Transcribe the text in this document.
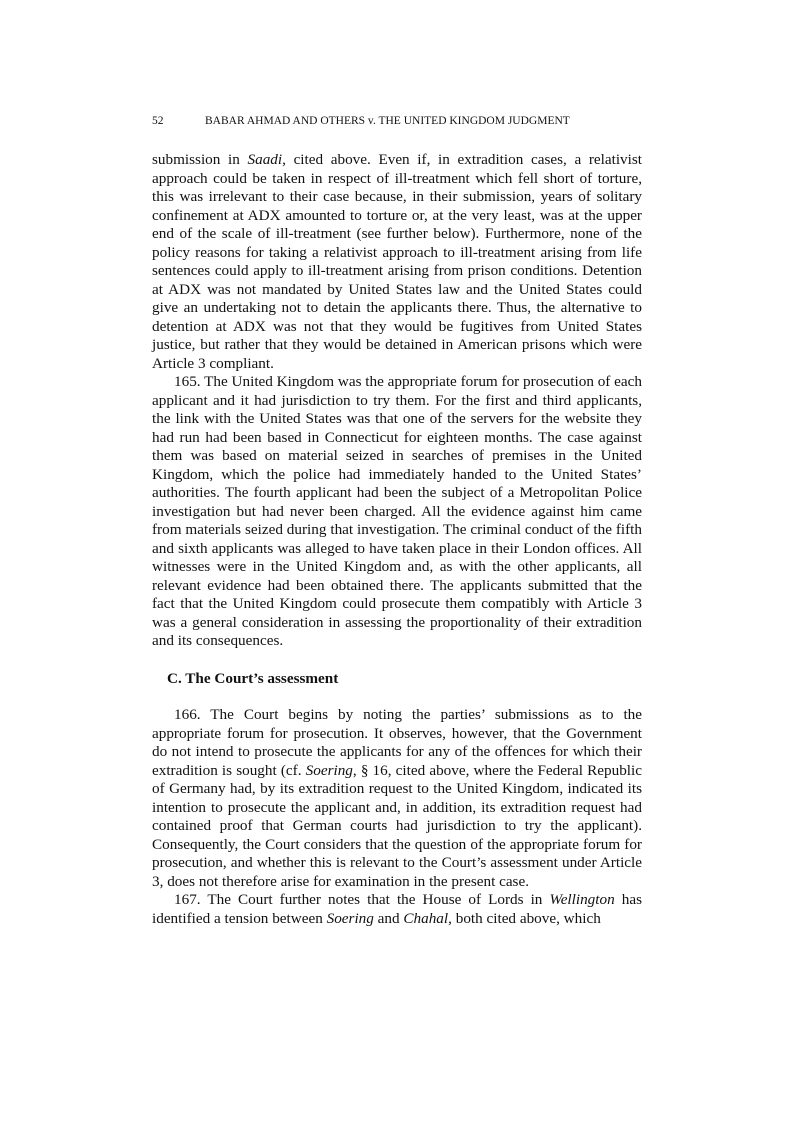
52	BABAR AHMAD AND OTHERS v. THE UNITED KINGDOM JUDGMENT

submission in Saadi, cited above. Even if, in extradition cases, a relativist approach could be taken in respect of ill-treatment which fell short of torture, this was irrelevant to their case because, in their submission, years of solitary confinement at ADX amounted to torture or, at the very least, was at the upper end of the scale of ill-treatment (see further below). Furthermore, none of the policy reasons for taking a relativist approach to ill-treatment arising from life sentences could apply to ill-treatment arising from prison conditions. Detention at ADX was not mandated by United States law and the United States could give an undertaking not to detain the applicants there. Thus, the alternative to detention at ADX was not that they would be fugitives from United States justice, but rather that they would be detained in American prisons which were Article 3 compliant.

165. The United Kingdom was the appropriate forum for prosecution of each applicant and it had jurisdiction to try them. For the first and third applicants, the link with the United States was that one of the servers for the website they had run had been based in Connecticut for eighteen months. The case against them was based on material seized in searches of premises in the United Kingdom, which the police had immediately handed to the United States’ authorities. The fourth applicant had been the subject of a Metropolitan Police investigation but had never been charged. All the evidence against him came from materials seized during that investigation. The criminal conduct of the fifth and sixth applicants was alleged to have taken place in their London offices. All witnesses were in the United Kingdom and, as with the other applicants, all relevant evidence had been obtained there. The applicants submitted that the fact that the United Kingdom could prosecute them compatibly with Article 3 was a general consideration in assessing the proportionality of their extradition and its consequences.

C. The Court’s assessment

166. The Court begins by noting the parties’ submissions as to the appropriate forum for prosecution. It observes, however, that the Government do not intend to prosecute the applicants for any of the offences for which their extradition is sought (cf. Soering, § 16, cited above, where the Federal Republic of Germany had, by its extradition request to the United Kingdom, indicated its intention to prosecute the applicant and, in addition, its extradition request had contained proof that German courts had jurisdiction to try the applicant). Consequently, the Court considers that the question of the appropriate forum for prosecution, and whether this is relevant to the Court’s assessment under Article 3, does not therefore arise for examination in the present case.

167. The Court further notes that the House of Lords in Wellington has identified a tension between Soering and Chahal, both cited above, which
